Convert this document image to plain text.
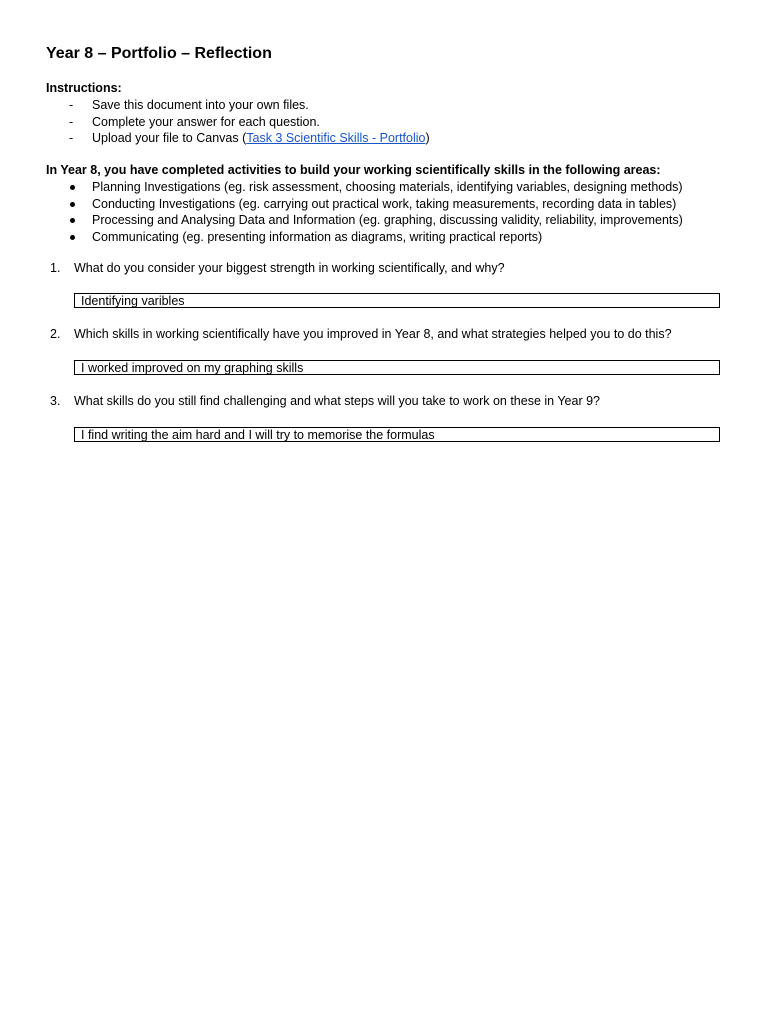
Year 8 – Portfolio – Reflection
Instructions:
- Save this document into your own files.
- Complete your answer for each question.
- Upload your file to Canvas (Task 3 Scientific Skills - Portfolio)
In Year 8, you have completed activities to build your working scientifically skills in the following areas:
Planning Investigations (eg. risk assessment, choosing materials, identifying variables, designing methods)
Conducting Investigations (eg. carrying out practical work, taking measurements, recording data in tables)
Processing and Analysing Data and Information (eg. graphing, discussing validity, reliability, improvements)
Communicating (eg. presenting information as diagrams, writing practical reports)
1. What do you consider your biggest strength in working scientifically, and why?
Identifying varibles
2. Which skills in working scientifically have you improved in Year 8, and what strategies helped you to do this?
I worked improved on my graphing skills
3. What skills do you still find challenging and what steps will you take to work on these in Year 9?
I find writing the aim hard and I will try to memorise the formulas
